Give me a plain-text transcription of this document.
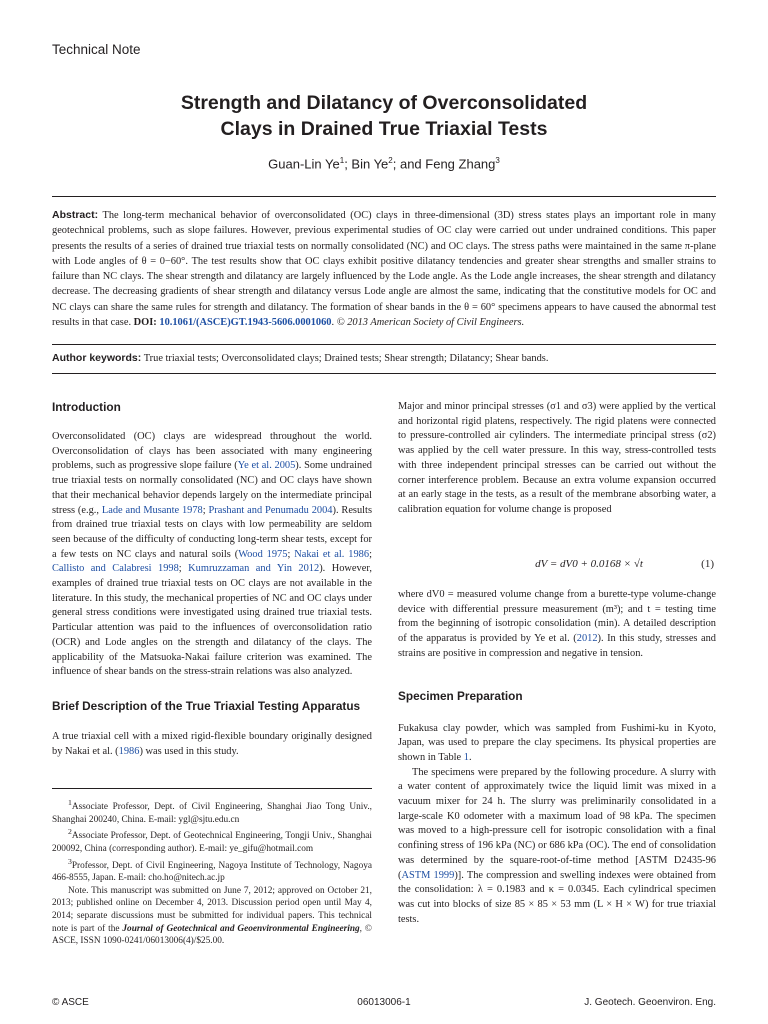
Technical Note
Strength and Dilatancy of Overconsolidated
Clays in Drained True Triaxial Tests
Guan-Lin Ye$^1$; Bin Ye$^2$; and Feng Zhang$^3$
Abstract: The long-term mechanical behavior of overconsolidated (OC) clays in three-dimensional (3D) stress states plays an important role in many geotechnical problems, such as slope failures. However, previous experimental studies of OC clay were carried out under undrained conditions. This paper presents the results of a series of drained true triaxial tests on normally consolidated (NC) and OC clays. The stress paths were maintained in the same π-plane with Lode angles of θ = 0−60°. The test results show that OC clays exhibit positive dilatancy tendencies and greater shear strengths and smaller strains to failure than NC clays. The shear strength and dilatancy are largely influenced by the Lode angle. As the Lode angle increases, the shear strength and dilatancy decrease. The decreasing gradients of shear strength and dilatancy versus Lode angle are almost the same, indicating that the constitutive models for OC and NC clays can share the same rules for strength and dilatancy. The formation of shear bands in the θ = 60° specimens appears to have caused the abnormal test results in that case. DOI: 10.1061/(ASCE)GT.1943-5606.0001060. © 2013 American Society of Civil Engineers.
Author keywords: True triaxial tests; Overconsolidated clays; Drained tests; Shear strength; Dilatancy; Shear bands.
Introduction

Overconsolidated (OC) clays are widespread throughout the world. Overconsolidation of clays has been associated with many engineering problems, such as progressive slope failure (Ye et al. 2005). Some undrained true triaxial tests on normally consolidated (NC) and OC clays have shown that their mechanical behavior depends largely on the intermediate principal stress (e.g., Lade and Musante 1978; Prashant and Penumadu 2004). Results from drained true triaxial tests on clays with low permeability are seldom seen because of the difficulty of conducting long-term shear tests, except for a few tests on NC clays and natural soils (Wood 1975; Nakai et al. 1986; Callisto and Calabresi 1998; Kumruzzaman and Yin 2012). However, examples of drained true triaxial tests on OC clays are not available in the literature. In this study, the mechanical properties of NC and OC clays under general stress conditions were investigated using drained true triaxial tests. Particular attention was paid to the influences of overconsolidation ratio (OCR) and Lode angles on the strength and dilatancy of the clays. The applicability of the Matsuoka-Nakai failure criterion was examined. The influence of shear bands on the stress-strain relations was also analyzed.

Brief Description of the True Triaxial Testing Apparatus

A true triaxial cell with a mixed rigid-flexible boundary originally designed by Nakai et al. (1986) was used in this study.

$^1$Associate Professor, Dept. of Civil Engineering, Shanghai Jiao Tong Univ., Shanghai 200240, China. E-mail: ygl@sjtu.edu.cn

$^2$Associate Professor, Dept. of Geotechnical Engineering, Tongji Univ., Shanghai 200092, China (corresponding author). E-mail: ye_gifu@hotmail.com

$^3$Professor, Dept. of Civil Engineering, Nagoya Institute of Technology, Nagoya 466-8555, Japan. E-mail: cho.ho@nitech.ac.jp

Note. This manuscript was submitted on June 7, 2012; approved on October 21, 2013; published online on December 4, 2013. Discussion period open until May 4, 2014; separate discussions must be submitted for individual papers. This technical note is part of the Journal of Geotechnical and Geoenvironmental Engineering, © ASCE, ISSN 1090-0241/06013006(4)/$25.00.

Major and minor principal stresses (σ1 and σ3) were applied by the vertical and horizontal rigid platens, respectively. The rigid platens were connected to pressure-controlled air cylinders. The intermediate principal stress (σ2) was applied by the cell water pressure. In this way, stress-controlled tests with three independent principal stresses can be carried out without the corner interference problem. Because an extra volume expansion occurred at an early stage in the tests, as a result of the membrane absorbing water, a calibration equation for volume change is proposed

dV = dV0 + 0.0168 × √t	(1)

where dV0 = measured volume change from a burette-type volume-change device with differential pressure measurement (m³); and t = testing time from the beginning of isotropic consolidation (min). A detailed description of the apparatus is provided by Ye et al. (2012). In this study, stresses and strains are positive in compression and negative in tension.

Specimen Preparation

Fukakusa clay powder, which was sampled from Fushimi-ku in Kyoto, Japan, was used to prepare the clay specimens. Its physical properties are shown in Table 1.

The specimens were prepared by the following procedure. A slurry with a water content of approximately twice the liquid limit was mixed in a vacuum mixer for 24 h. The slurry was preliminarily consolidated in a large-scale K0 odometer with a maximum load of 98 kPa. The specimen was moved to a high-pressure cell for isotropic consolidation with a final confining stress of 196 kPa (NC) or 686 kPa (OC). The end of consolidation was determined by the square-root-of-time method [ASTM D2435-96 (ASTM 1999)]. The compression and swelling indexes were obtained from the consolidation: λ = 0.1983 and κ = 0.0345. Each cylindrical specimen was cut into blocks of size 85 × 85 × 53 mm (L × H × W) for true triaxial tests.

© ASCE	06013006-1	J. Geotech. Geoenviron. Eng.
